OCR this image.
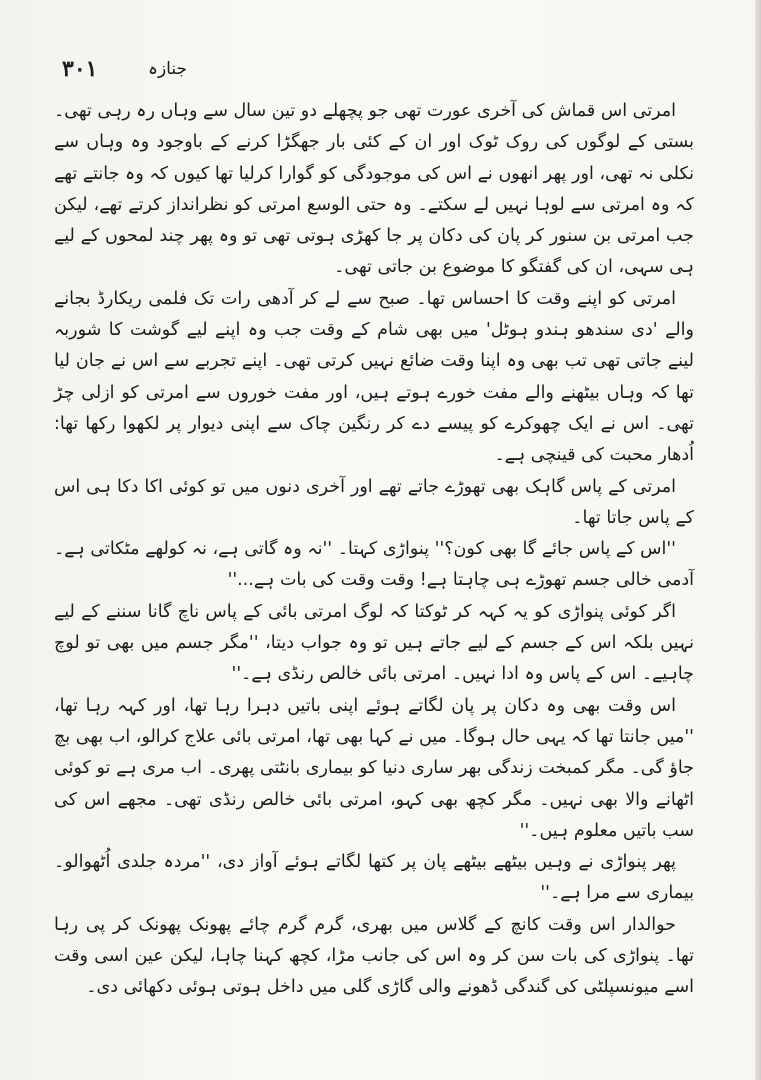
١٠٣	جنازہ

امرتی اس قماش کی آخری عورت تھی جو پچھلے دو تین سال سے وہاں رہ رہی تھی۔ بستی کے لوگوں کی روک ٹوک اور ان کے کئی بار جھگڑا کرنے کے باوجود وہ وہاں سے نکلی نہ تھی، اور پھر انھوں نے اس کی موجودگی کو گوارا کرلیا تھا کیوں کہ وہ جانتے تھے کہ وہ امرتی سے لوہا نہیں لے سکتے۔ وہ حتی الوسع امرتی کو نظرانداز کرتے تھے، لیکن جب امرتی بن سنور کر پان کی دکان پر جا کھڑی ہوتی تھی تو وہ پھر چند لمحوں کے لیے ہی سہی، ان کی گفتگو کا موضوع بن جاتی تھی۔

امرتی کو اپنے وقت کا احساس تھا۔ صبح سے لے کر آدھی رات تک فلمی ریکارڈ بجانے والے 'دی سندھو ہندو ہوٹل' میں بھی شام کے وقت جب وہ اپنے لیے گوشت کا شوربہ لینے جاتی تھی تب بھی وہ اپنا وقت ضائع نہیں کرتی تھی۔ اپنے تجربے سے اس نے جان لیا تھا کہ وہاں بیٹھنے والے مفت خورے ہوتے ہیں، اور مفت خوروں سے امرتی کو ازلی چڑ تھی۔ اس نے ایک چھوکرے کو پیسے دے کر رنگین چاک سے اپنی دیوار پر لکھوا رکھا تھا: اُدھار محبت کی قینچی ہے۔

امرتی کے پاس گاہک بھی تھوڑے جاتے تھے اور آخری دنوں میں تو کوئی اکا دکا ہی اس کے پاس جاتا تھا۔

''اس کے پاس جائے گا بھی کون؟'' پنواڑی کہتا۔ ''نہ وہ گاتی ہے، نہ کولھے مٹکاتی ہے۔ آدمی خالی جسم تھوڑے ہی چاہتا ہے! وقت وقت کی بات ہے...''

اگر کوئی پنواڑی کو یہ کہہ کر ٹوکتا کہ لوگ امرتی بائی کے پاس ناچ گانا سننے کے لیے نہیں بلکہ اس کے جسم کے لیے جاتے ہیں تو وہ جواب دیتا، ''مگر جسم میں بھی تو لوچ چاہیے۔ اس کے پاس وہ ادا نہیں۔ امرتی بائی خالص رنڈی ہے۔''

اس وقت بھی وہ دکان پر پان لگاتے ہوئے اپنی باتیں دہرا رہا تھا، اور کہہ رہا تھا، ''میں جانتا تھا کہ یہی حال ہوگا۔ میں نے کہا بھی تھا، امرتی بائی علاج کرالو، اب بھی بچ جاؤ گی۔ مگر کمبخت زندگی بھر ساری دنیا کو بیماری بانٹتی پھری۔ اب مری ہے تو کوئی اٹھانے والا بھی نہیں۔ مگر کچھ بھی کہو، امرتی بائی خالص رنڈی تھی۔ مجھے اس کی سب باتیں معلوم ہیں۔''

پھر پنواڑی نے وہیں بیٹھے بیٹھے پان پر کتھا لگاتے ہوئے آواز دی، ''مردہ جلدی اُٹھوالو۔ بیماری سے مرا ہے۔''

حوالدار اس وقت کانچ کے گلاس میں بھری، گرم گرم چائے پھونک پھونک کر پی رہا تھا۔ پنواڑی کی بات سن کر وہ اس کی جانب مڑا، کچھ کہنا چاہا، لیکن عین اسی وقت اسے میونسپلٹی کی گندگی ڈھونے والی گاڑی گلی میں داخل ہوتی ہوئی دکھائی دی۔
